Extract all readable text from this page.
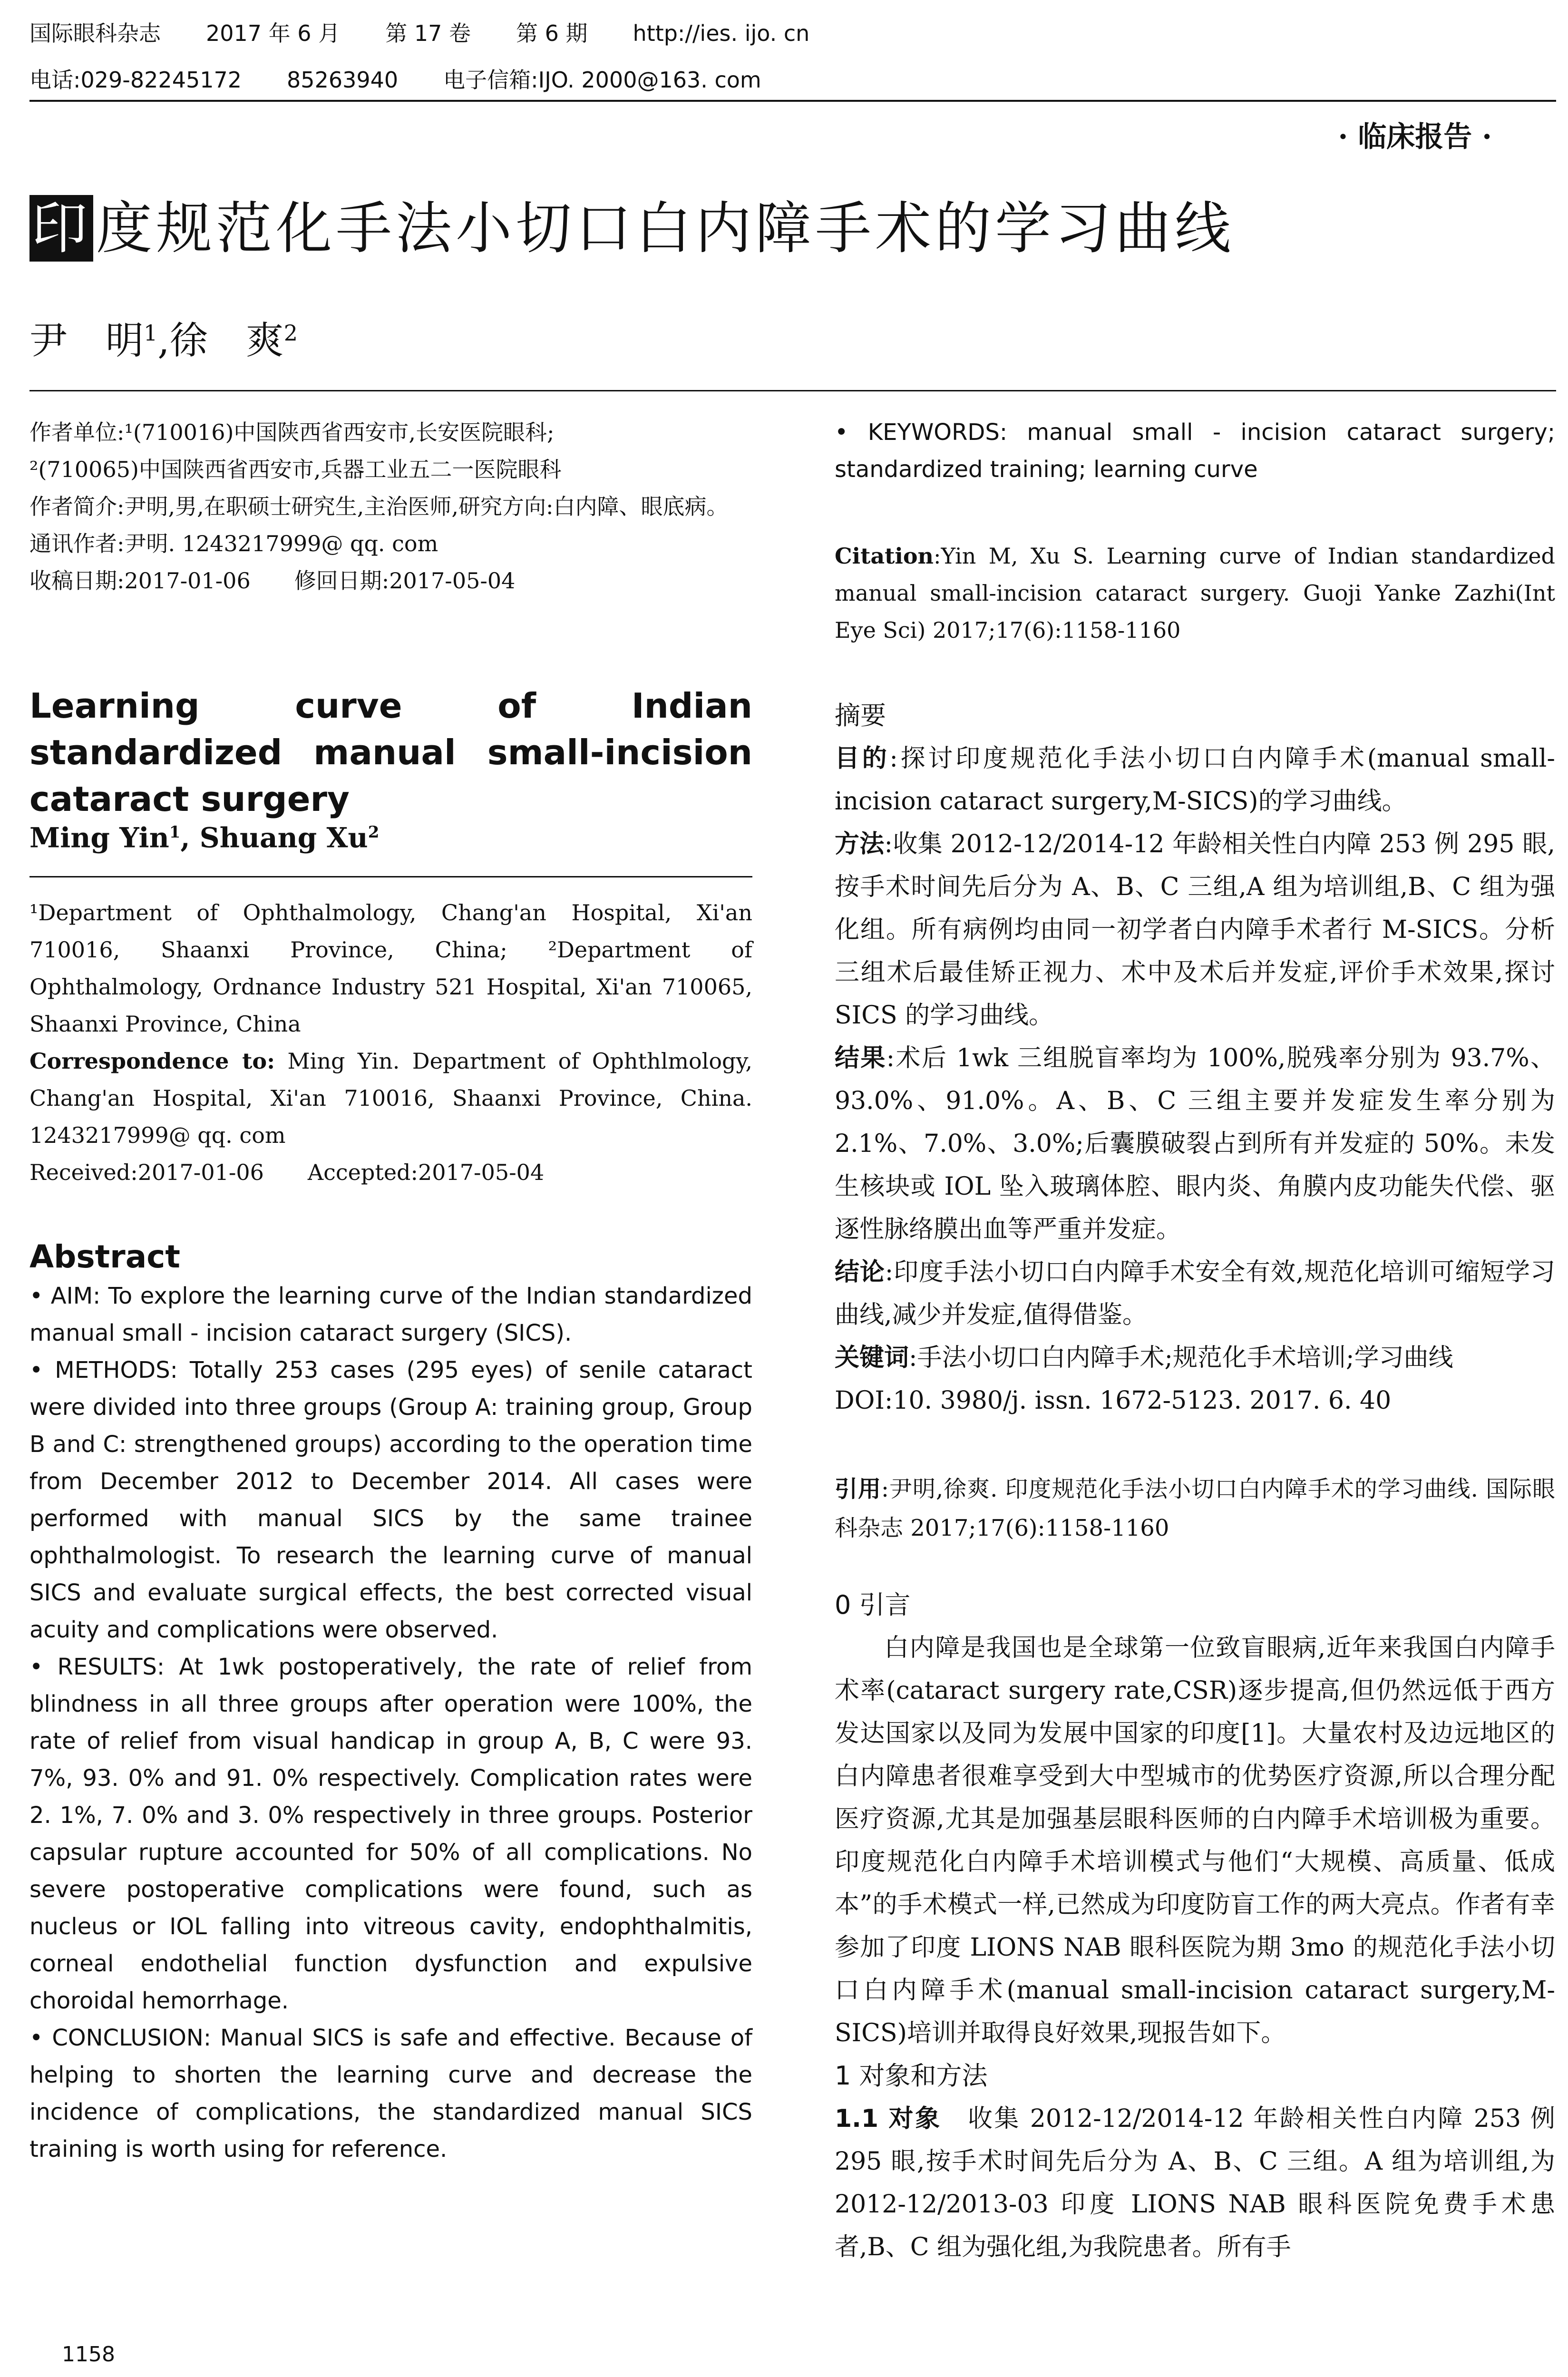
国际眼科杂志 2017 年 6 月 第 17 卷 第 6 期 http://ies. ijo. cn
电话:029-82245172 85263940 电子信箱:IJO. 2000@163. com
· 临床报告 ·
印度规范化手法小切口白内障手术的学习曲线
尹　明$^1$,徐　爽$^2$

作者单位:¹(710016)中国陕西省西安市,长安医院眼科;

²(710065)中国陕西省西安市,兵器工业五二一医院眼科

作者简介:尹明,男,在职硕士研究生,主治医师,研究方向:白内障、眼底病。

通讯作者:尹明. 1243217999@ qq. com

收稿日期:2017-01-06　　修回日期:2017-05-04

Learning curve of Indian standardized manual small-incision cataract surgery

Ming Yin$^1$, Shuang Xu$^2$

¹Department of Ophthalmology, Chang'an Hospital, Xi'an 710016, Shaanxi Province, China; ²Department of Ophthalmology, Ordnance Industry 521 Hospital, Xi'an 710065, Shaanxi Province, China

Correspondence to: Ming Yin. Department of Ophthlmology, Chang'an Hospital, Xi'an 710016, Shaanxi Province, China. 1243217999@ qq. com

Received:2017-01-06　　Accepted:2017-05-04

Abstract

• AIM: To explore the learning curve of the Indian standardized manual small - incision cataract surgery (SICS).

• METHODS: Totally 253 cases (295 eyes) of senile cataract were divided into three groups (Group A: training group, Group B and C: strengthened groups) according to the operation time from December 2012 to December 2014. All cases were performed with manual SICS by the same trainee ophthalmologist. To research the learning curve of manual SICS and evaluate surgical effects, the best corrected visual acuity and complications were observed.

• RESULTS: At 1wk postoperatively, the rate of relief from blindness in all three groups after operation were 100%, the rate of relief from visual handicap in group A, B, C were 93. 7%, 93. 0% and 91. 0% respectively. Complication rates were 2. 1%, 7. 0% and 3. 0% respectively in three groups. Posterior capsular rupture accounted for 50% of all complications. No severe postoperative complications were found, such as nucleus or IOL falling into vitreous cavity, endophthalmitis, corneal endothelial function dysfunction and expulsive choroidal hemorrhage.

• CONCLUSION: Manual SICS is safe and effective. Because of helping to shorten the learning curve and decrease the incidence of complications, the standardized manual SICS training is worth using for reference.

• KEYWORDS: manual small - incision cataract surgery; standardized training; learning curve

Citation:Yin M, Xu S. Learning curve of Indian standardized manual small-incision cataract surgery. Guoji Yanke Zazhi(Int Eye Sci) 2017;17(6):1158-1160

摘要

目的:探讨印度规范化手法小切口白内障手术(manual small-incision cataract surgery,M-SICS)的学习曲线。

方法:收集 2012-12/2014-12 年龄相关性白内障 253 例 295 眼,按手术时间先后分为 A、B、C 三组,A 组为培训组,B、C 组为强化组。所有病例均由同一初学者白内障手术者行 M-SICS。分析三组术后最佳矫正视力、术中及术后并发症,评价手术效果,探讨 SICS 的学习曲线。

结果:术后 1wk 三组脱盲率均为 100%,脱残率分别为 93.7%、93.0%、91.0%。A、B、C 三组主要并发症发生率分别为 2.1%、7.0%、3.0%;后囊膜破裂占到所有并发症的 50%。未发生核块或 IOL 坠入玻璃体腔、眼内炎、角膜内皮功能失代偿、驱逐性脉络膜出血等严重并发症。

结论:印度手法小切口白内障手术安全有效,规范化培训可缩短学习曲线,减少并发症,值得借鉴。

关键词:手法小切口白内障手术;规范化手术培训;学习曲线

DOI:10. 3980/j. issn. 1672-5123. 2017. 6. 40

引用:尹明,徐爽. 印度规范化手法小切口白内障手术的学习曲线. 国际眼科杂志 2017;17(6):1158-1160

0 引言

白内障是我国也是全球第一位致盲眼病,近年来我国白内障手术率(cataract surgery rate,CSR)逐步提高,但仍然远低于西方发达国家以及同为发展中国家的印度[1]。大量农村及边远地区的白内障患者很难享受到大中型城市的优势医疗资源,所以合理分配医疗资源,尤其是加强基层眼科医师的白内障手术培训极为重要。印度规范化白内障手术培训模式与他们“大规模、高质量、低成本”的手术模式一样,已然成为印度防盲工作的两大亮点。作者有幸参加了印度 LIONS NAB 眼科医院为期 3mo 的规范化手法小切口白内障手术(manual small-incision cataract surgery,M-SICS)培训并取得良好效果,现报告如下。

1 对象和方法

1.1 对象　收集 2012-12/2014-12 年龄相关性白内障 253 例 295 眼,按手术时间先后分为 A、B、C 三组。A 组为培训组,为 2012-12/2013-03 印度 LIONS NAB 眼科医院免费手术患者,B、C 组为强化组,为我院患者。所有手

1158
